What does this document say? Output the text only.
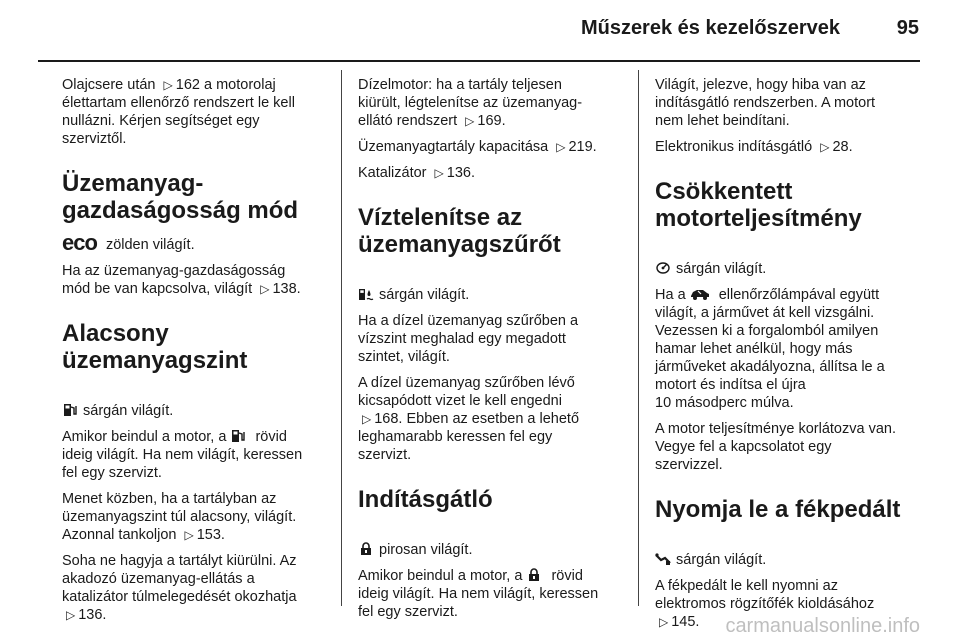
Műszerek és kezelőszervek	95

Olajcsere után ▷ 162 a motorolaj
élettartam ellenőrző rendszert le kell
nullázni. Kérjen segítséget egy
szerviztől.

Üzemanyag-
gazdaságosság mód

eco zölden világít.

Ha az üzemanyag-gazdaságosság
mód be van kapcsolva, világít ▷ 138.

Alacsony üzemanyagszint

sárgán világít.

Amikor beindul a motor, a  rövid
ideig világít. Ha nem világít, keressen
fel egy szervizt.

Menet közben, ha a tartályban az
üzemanyagszint túl alacsony, világít.
Azonnal tankoljon ▷ 153.

Soha ne hagyja a tartályt kiürülni. Az
akadozó üzemanyag-ellátás a
katalizátor túlmelegedését okozhatja
▷ 136.

Dízelmotor: ha a tartály teljesen
kiürült, légtelenítse az üzemanyag-
ellátó rendszert ▷ 169.

Üzemanyagtartály kapacitása ▷ 219.

Katalizátor ▷ 136.

Víztelenítse az
üzemanyagszűrőt

sárgán világít.

Ha a dízel üzemanyag szűrőben a
vízszint meghalad egy megadott
szintet, világít.

A dízel üzemanyag szűrőben lévő
kicsapódott vizet le kell engedni
▷ 168. Ebben az esetben a lehető
leghamarabb keressen fel egy
szervizt.

Indításgátló

pirosan világít.

Amikor beindul a motor, a  rövid
ideig világít. Ha nem világít, keressen
fel egy szervizt.

Világít, jelezve, hogy hiba van az
indításgátló rendszerben. A motort
nem lehet beindítani.

Elektronikus indításgátló ▷ 28.

Csökkentett
motorteljesítmény

sárgán világít.

Ha a  ellenőrzőlámpával együtt
világít, a járművet át kell vizsgálni.
Vezessen ki a forgalomból amilyen
hamar lehet anélkül, hogy más
járműveket akadályozna, állítsa le a
motort és indítsa el újra
10 másodperc múlva.

A motor teljesítménye korlátozva van.
Vegye fel a kapcsolatot egy
szervizzel.

Nyomja le a fékpedált

sárgán világít.

A fékpedált le kell nyomni az
elektromos rögzítőfék kioldásához
▷ 145.	carmanualsonline.info
